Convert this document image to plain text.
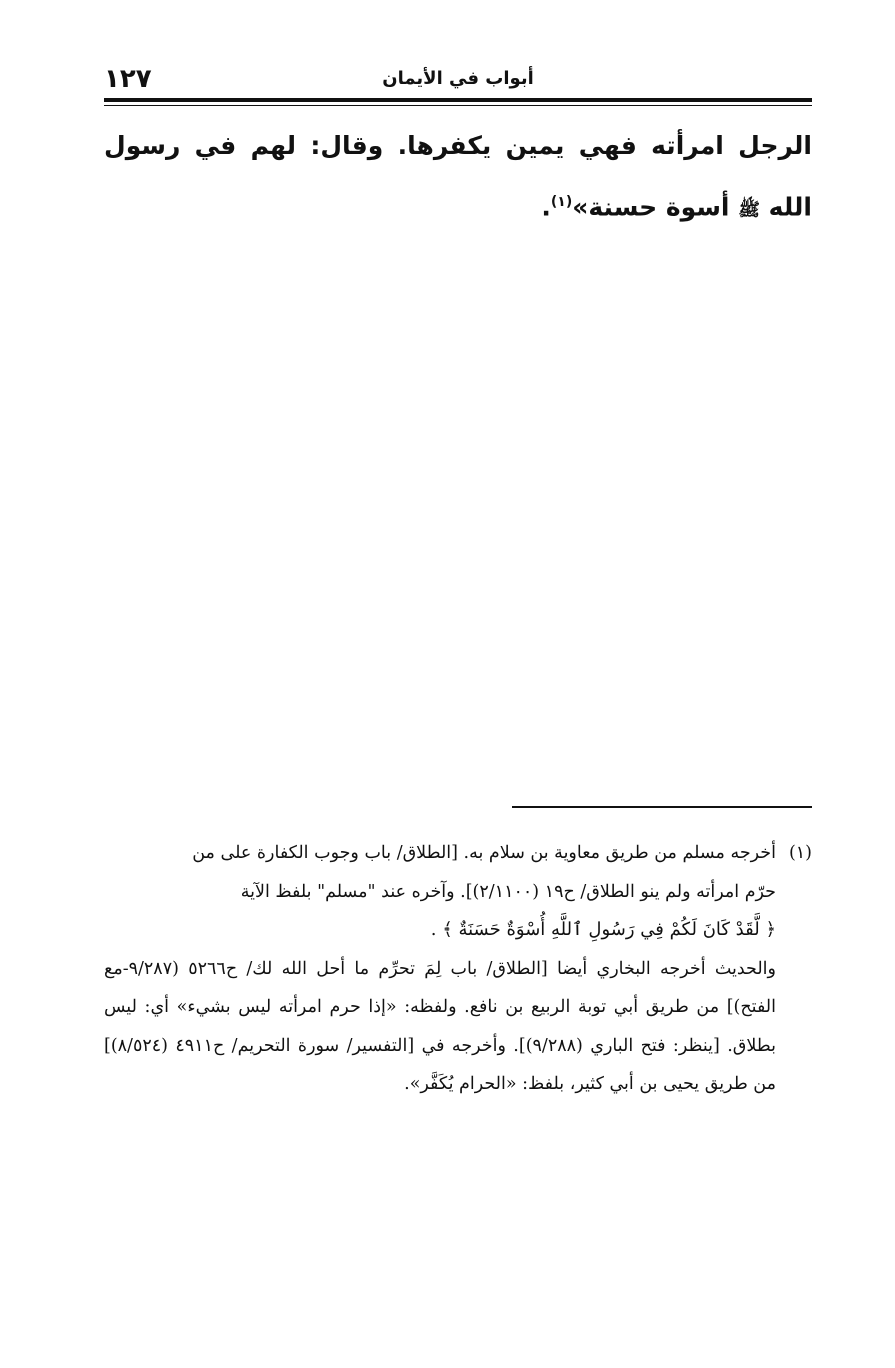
أبواب في الأيمان
١٢٧

الرجل امرأته فهي يمين يكفرها. وقال: لهم في رسول الله ﷺ أسوة حسنة»$^{(١)}$.

(١)أخرجه مسلم من طريق معاوية بن سلام به. [الطلاق/ باب وجوب الكفارة على من

حرّم امرأته ولم ينو الطلاق/ ح١٩ (٢/١١٠٠)]. وآخره عند "مسلم" بلفظ الآية
﴿ لَّقَدْ كَانَ لَكُمْ فِي رَسُولِ ٱللَّهِ أُسْوَةٌ حَسَنَةٌ ﴾ .

والحديث أخرجه البخاري أيضا [الطلاق/ باب لِمَ تحرِّم ما أحل الله لك/ ح٥٢٦٦ (٩/٢٨٧-مع الفتح)] من طريق أبي توبة الربيع بن نافع. ولفظه: «إذا حرم امرأته ليس بشيء» أي: ليس بطلاق. [ينظر: فتح الباري (٩/٢٨٨)]. وأخرجه في [التفسير/ سورة التحريم/ ح٤٩١١ (٨/٥٢٤)] من طريق يحيى بن أبي كثير، بلفظ: «الحرام يُكَفَّر».
